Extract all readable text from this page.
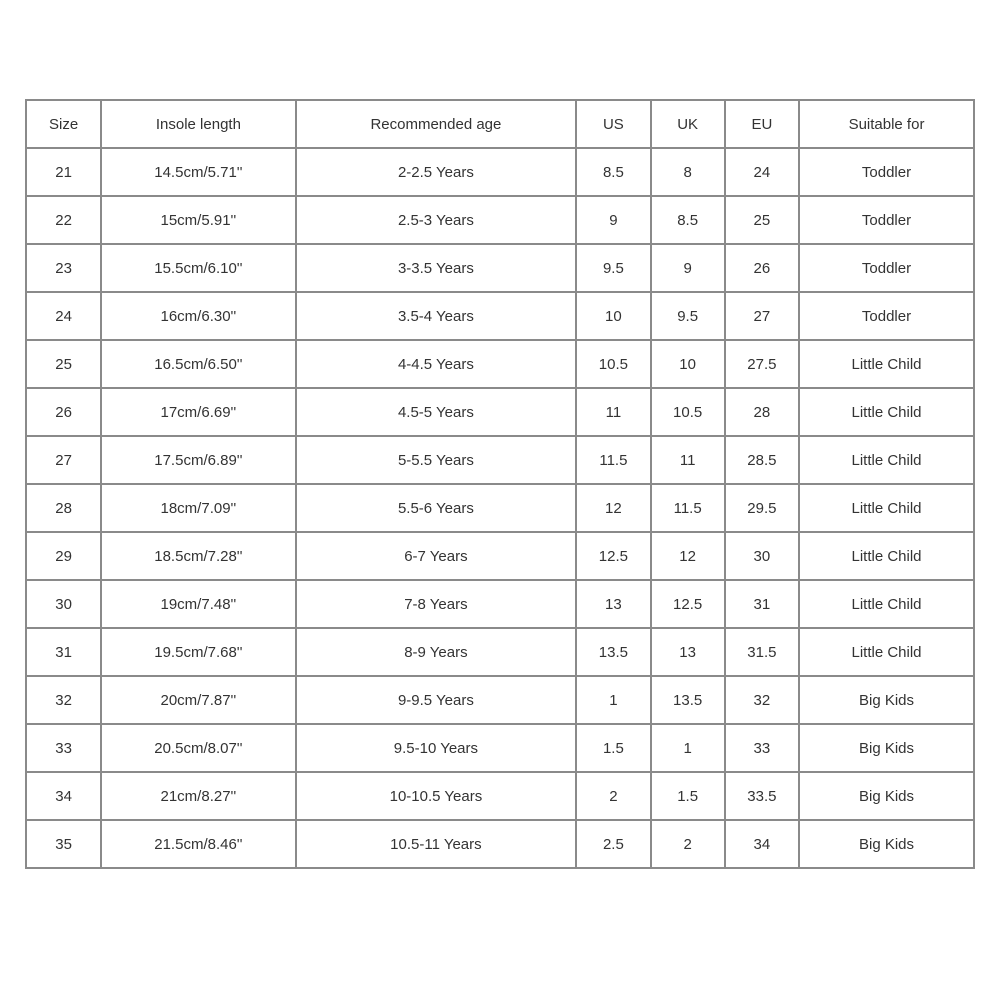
Size	Insole length	Recommended age	US	UK	EU	Suitable for
21	14.5cm/5.71''	2-2.5 Years	8.5	8	24	Toddler
22	15cm/5.91''	2.5-3 Years	9	8.5	25	Toddler
23	15.5cm/6.10''	3-3.5 Years	9.5	9	26	Toddler
24	16cm/6.30''	3.5-4 Years	10	9.5	27	Toddler
25	16.5cm/6.50''	4-4.5 Years	10.5	10	27.5	Little Child
26	17cm/6.69''	4.5-5 Years	11	10.5	28	Little Child
27	17.5cm/6.89''	5-5.5 Years	11.5	11	28.5	Little Child
28	18cm/7.09''	5.5-6 Years	12	11.5	29.5	Little Child
29	18.5cm/7.28''	6-7 Years	12.5	12	30	Little Child
30	19cm/7.48''	7-8 Years	13	12.5	31	Little Child
31	19.5cm/7.68''	8-9 Years	13.5	13	31.5	Little Child
32	20cm/7.87''	9-9.5 Years	1	13.5	32	Big Kids
33	20.5cm/8.07''	9.5-10 Years	1.5	1	33	Big Kids
34	21cm/8.27''	10-10.5 Years	2	1.5	33.5	Big Kids
35	21.5cm/8.46''	10.5-11 Years	2.5	2	34	Big Kids
